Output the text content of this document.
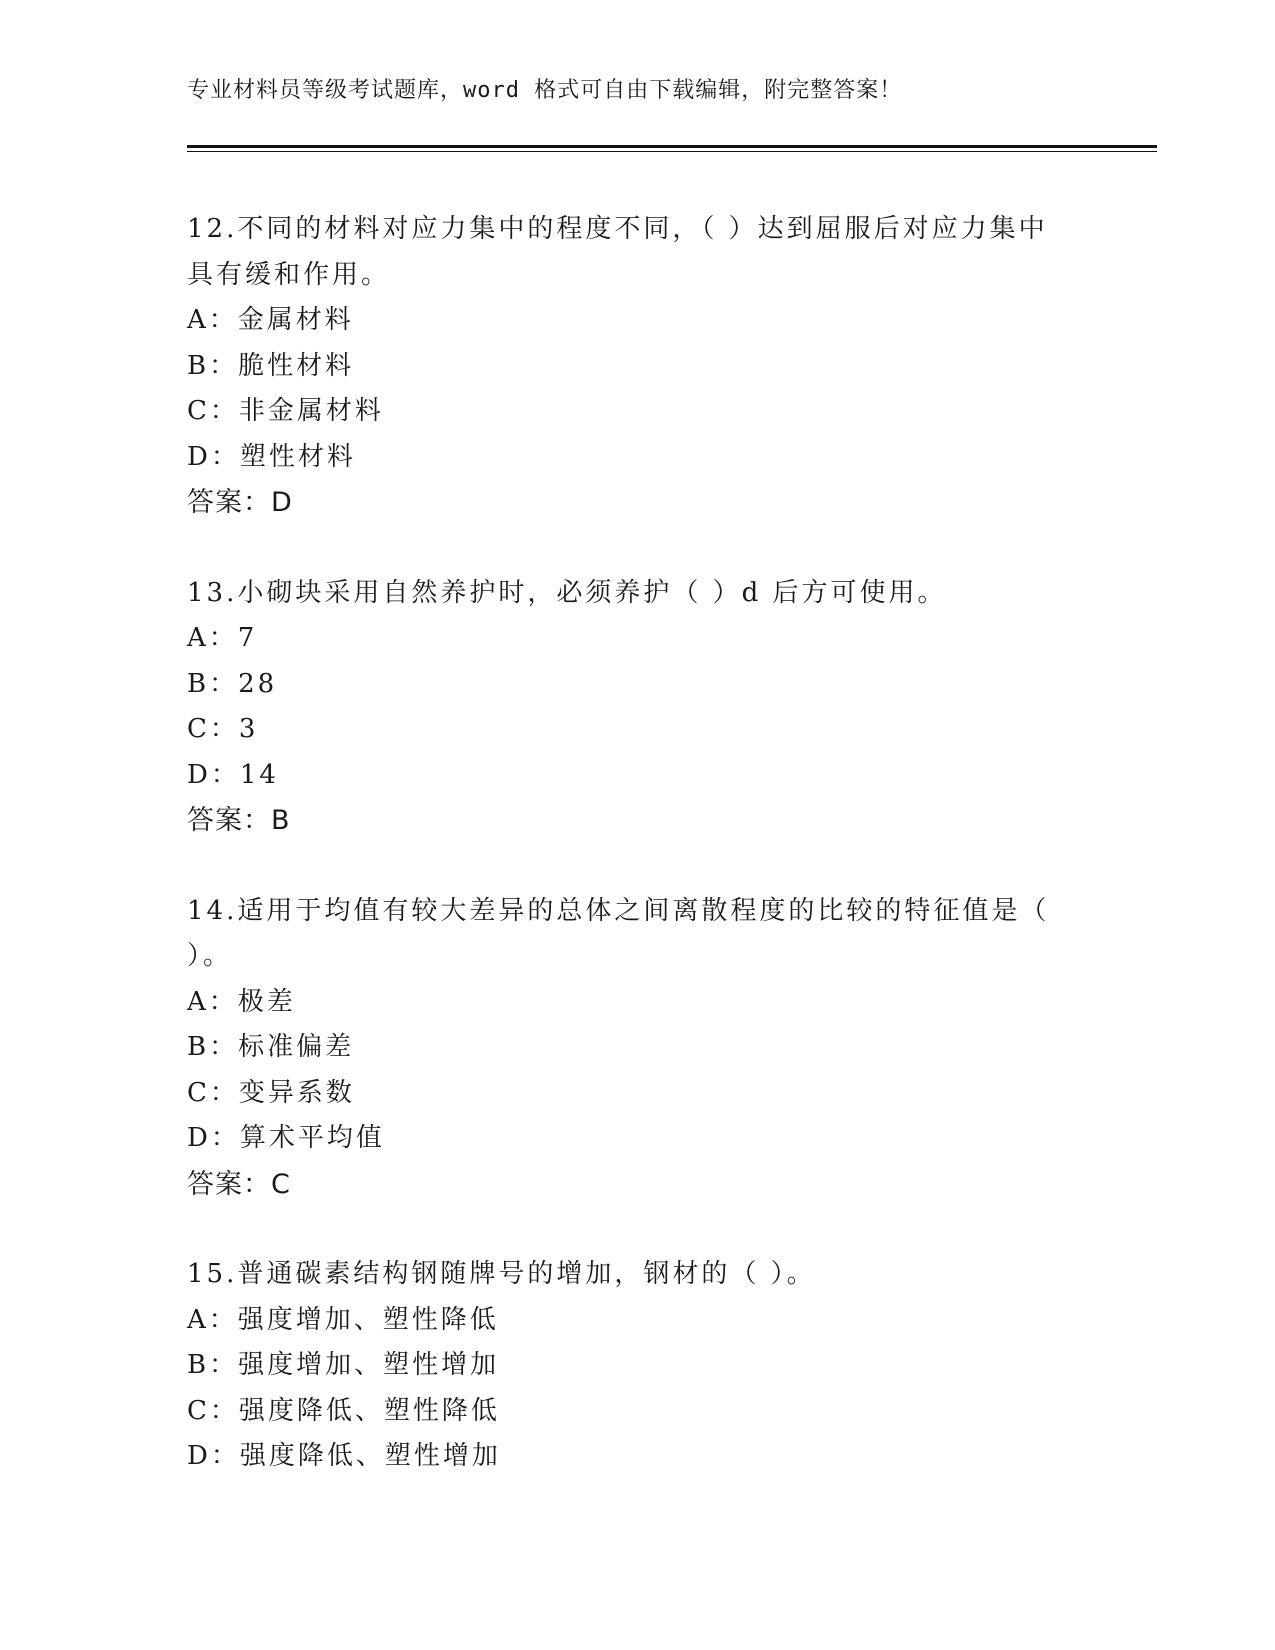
专业材料员等级考试题库，word 格式可自由下载编辑，附完整答案！

12.不同的材料对应力集中的程度不同，（ ）达到屈服后对应力集中具有缓和作用。

A：金属材料

B：脆性材料

C：非金属材料

D：塑性材料

答案：D

13.小砌块采用自然养护时，必须养护（ ）d 后方可使用。

A：7

B：28

C：3

D：14

答案：B

14.适用于均值有较大差异的总体之间离散程度的比较的特征值是（ ）。

A：极差

B：标准偏差

C：变异系数

D：算术平均值

答案：C

15.普通碳素结构钢随牌号的增加，钢材的（ ）。

A：强度增加、塑性降低

B：强度增加、塑性增加

C：强度降低、塑性降低

D：强度降低、塑性增加
